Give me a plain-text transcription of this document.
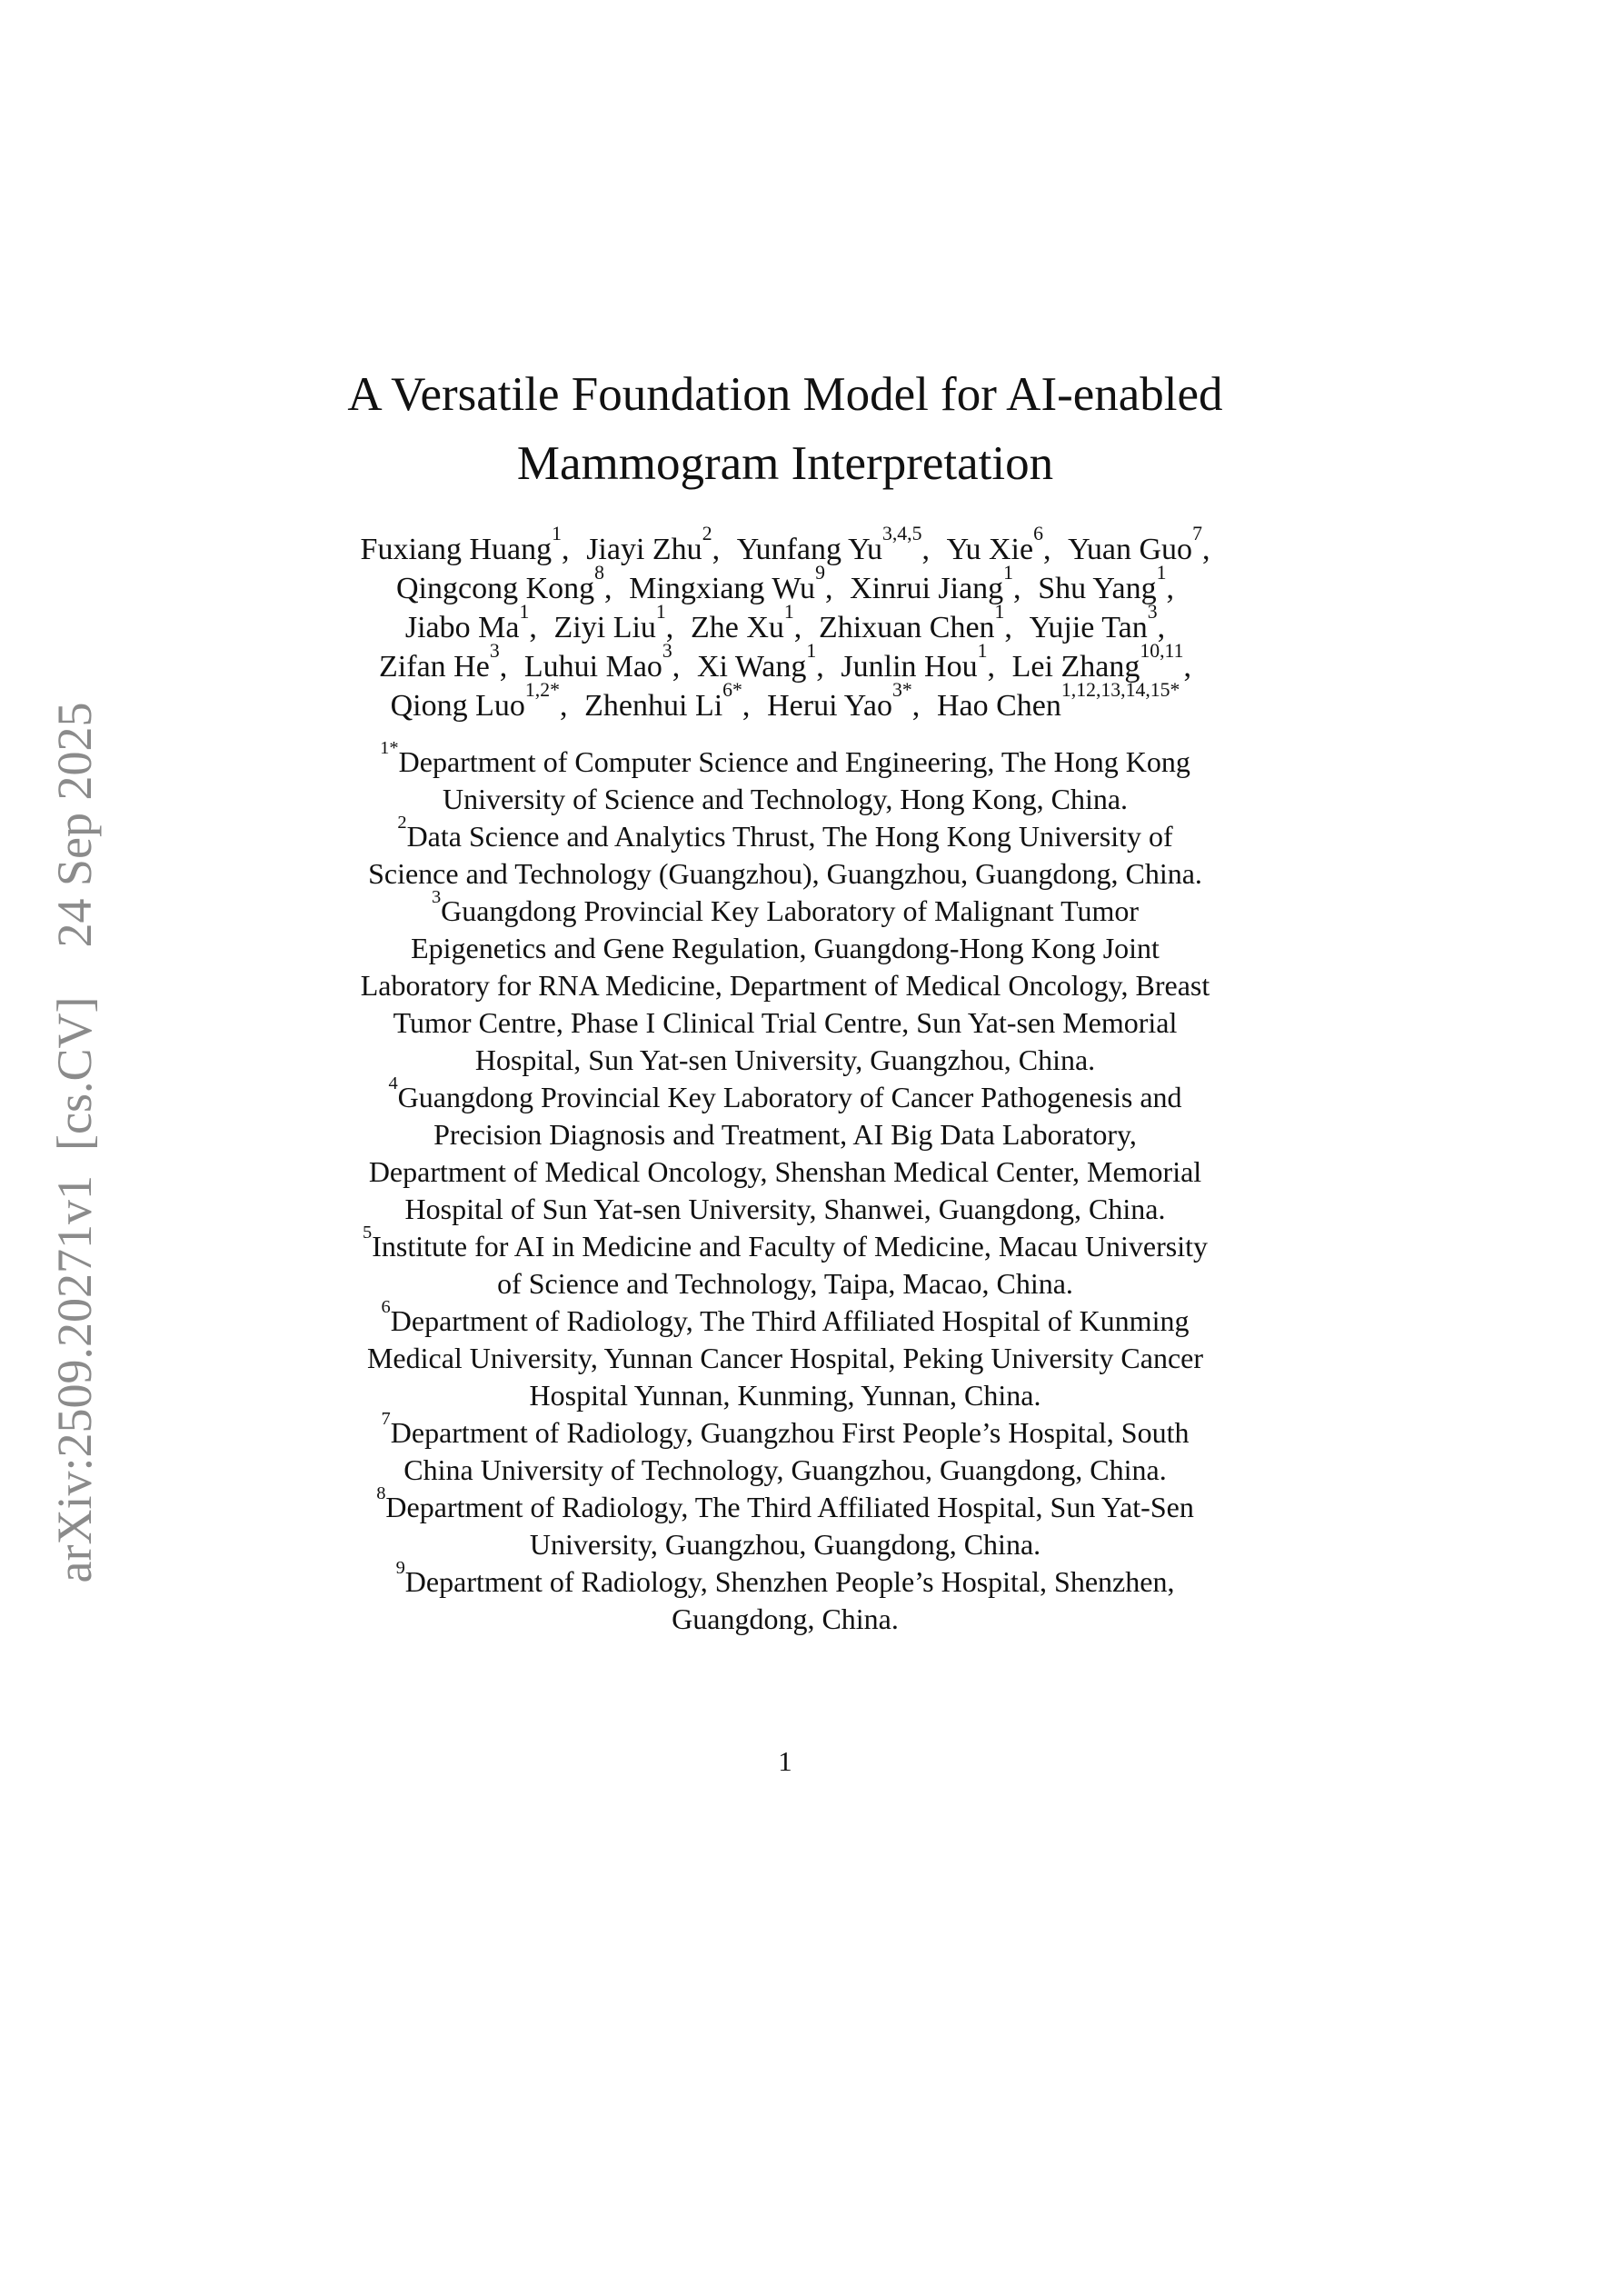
arXiv:2509.20271v1 [cs.CV]  24 Sep 2025
A Versatile Foundation Model for AI-enabled
Mammogram Interpretation
Fuxiang Huang$^1$, Jiayi Zhu$^2$, Yunfang Yu$^{3,4,5}$, Yu Xie$^6$, Yuan Guo$^7$,
Qingcong Kong$^8$, Mingxiang Wu$^9$, Xinrui Jiang$^1$, Shu Yang$^1$,
Jiabo Ma$^1$, Ziyi Liu$^1$, Zhe Xu$^1$, Zhixuan Chen$^1$, Yujie Tan$^3$,
Zifan He$^3$, Luhui Mao$^3$, Xi Wang$^1$, Junlin Hou$^1$, Lei Zhang$^{10,11}$,
Qiong Luo$^{1,2*}$, Zhenhui $Li^{6*}$, Herui Yao$^{3*}$, Hao Chen$^{1,12,13,14,15*}$
$^{1*}$Department of Computer Science and Engineering, The Hong Kong
University of Science and Technology, Hong Kong, China.
$^2$Data Science and Analytics Thrust, The Hong Kong University of
Science and Technology (Guangzhou), Guangzhou, Guangdong, China.
$^3$Guangdong Provincial Key Laboratory of Malignant Tumor
Epigenetics and Gene Regulation, Guangdong-Hong Kong Joint
Laboratory for RNA Medicine, Department of Medical Oncology, Breast
Tumor Centre, Phase I Clinical Trial Centre, Sun Yat-sen Memorial
Hospital, Sun Yat-sen University, Guangzhou, China.
$^4$Guangdong Provincial Key Laboratory of Cancer Pathogenesis and
Precision Diagnosis and Treatment, AI Big Data Laboratory,
Department of Medical Oncology, Shenshan Medical Center, Memorial
Hospital of Sun Yat-sen University, Shanwei, Guangdong, China.
$^5$Institute for AI in Medicine and Faculty of Medicine, Macau University
of Science and Technology, Taipa, Macao, China.
$^6$Department of Radiology, The Third Affiliated Hospital of Kunming
Medical University, Yunnan Cancer Hospital, Peking University Cancer
Hospital Yunnan, Kunming, Yunnan, China.
$^7$Department of Radiology, Guangzhou First People’s Hospital, South
China University of Technology, Guangzhou, Guangdong, China.
$^8$Department of Radiology, The Third Affiliated Hospital, Sun Yat-Sen
University, Guangzhou, Guangdong, China.
$^9$Department of Radiology, Shenzhen People’s Hospital, Shenzhen,
Guangdong, China.
1
